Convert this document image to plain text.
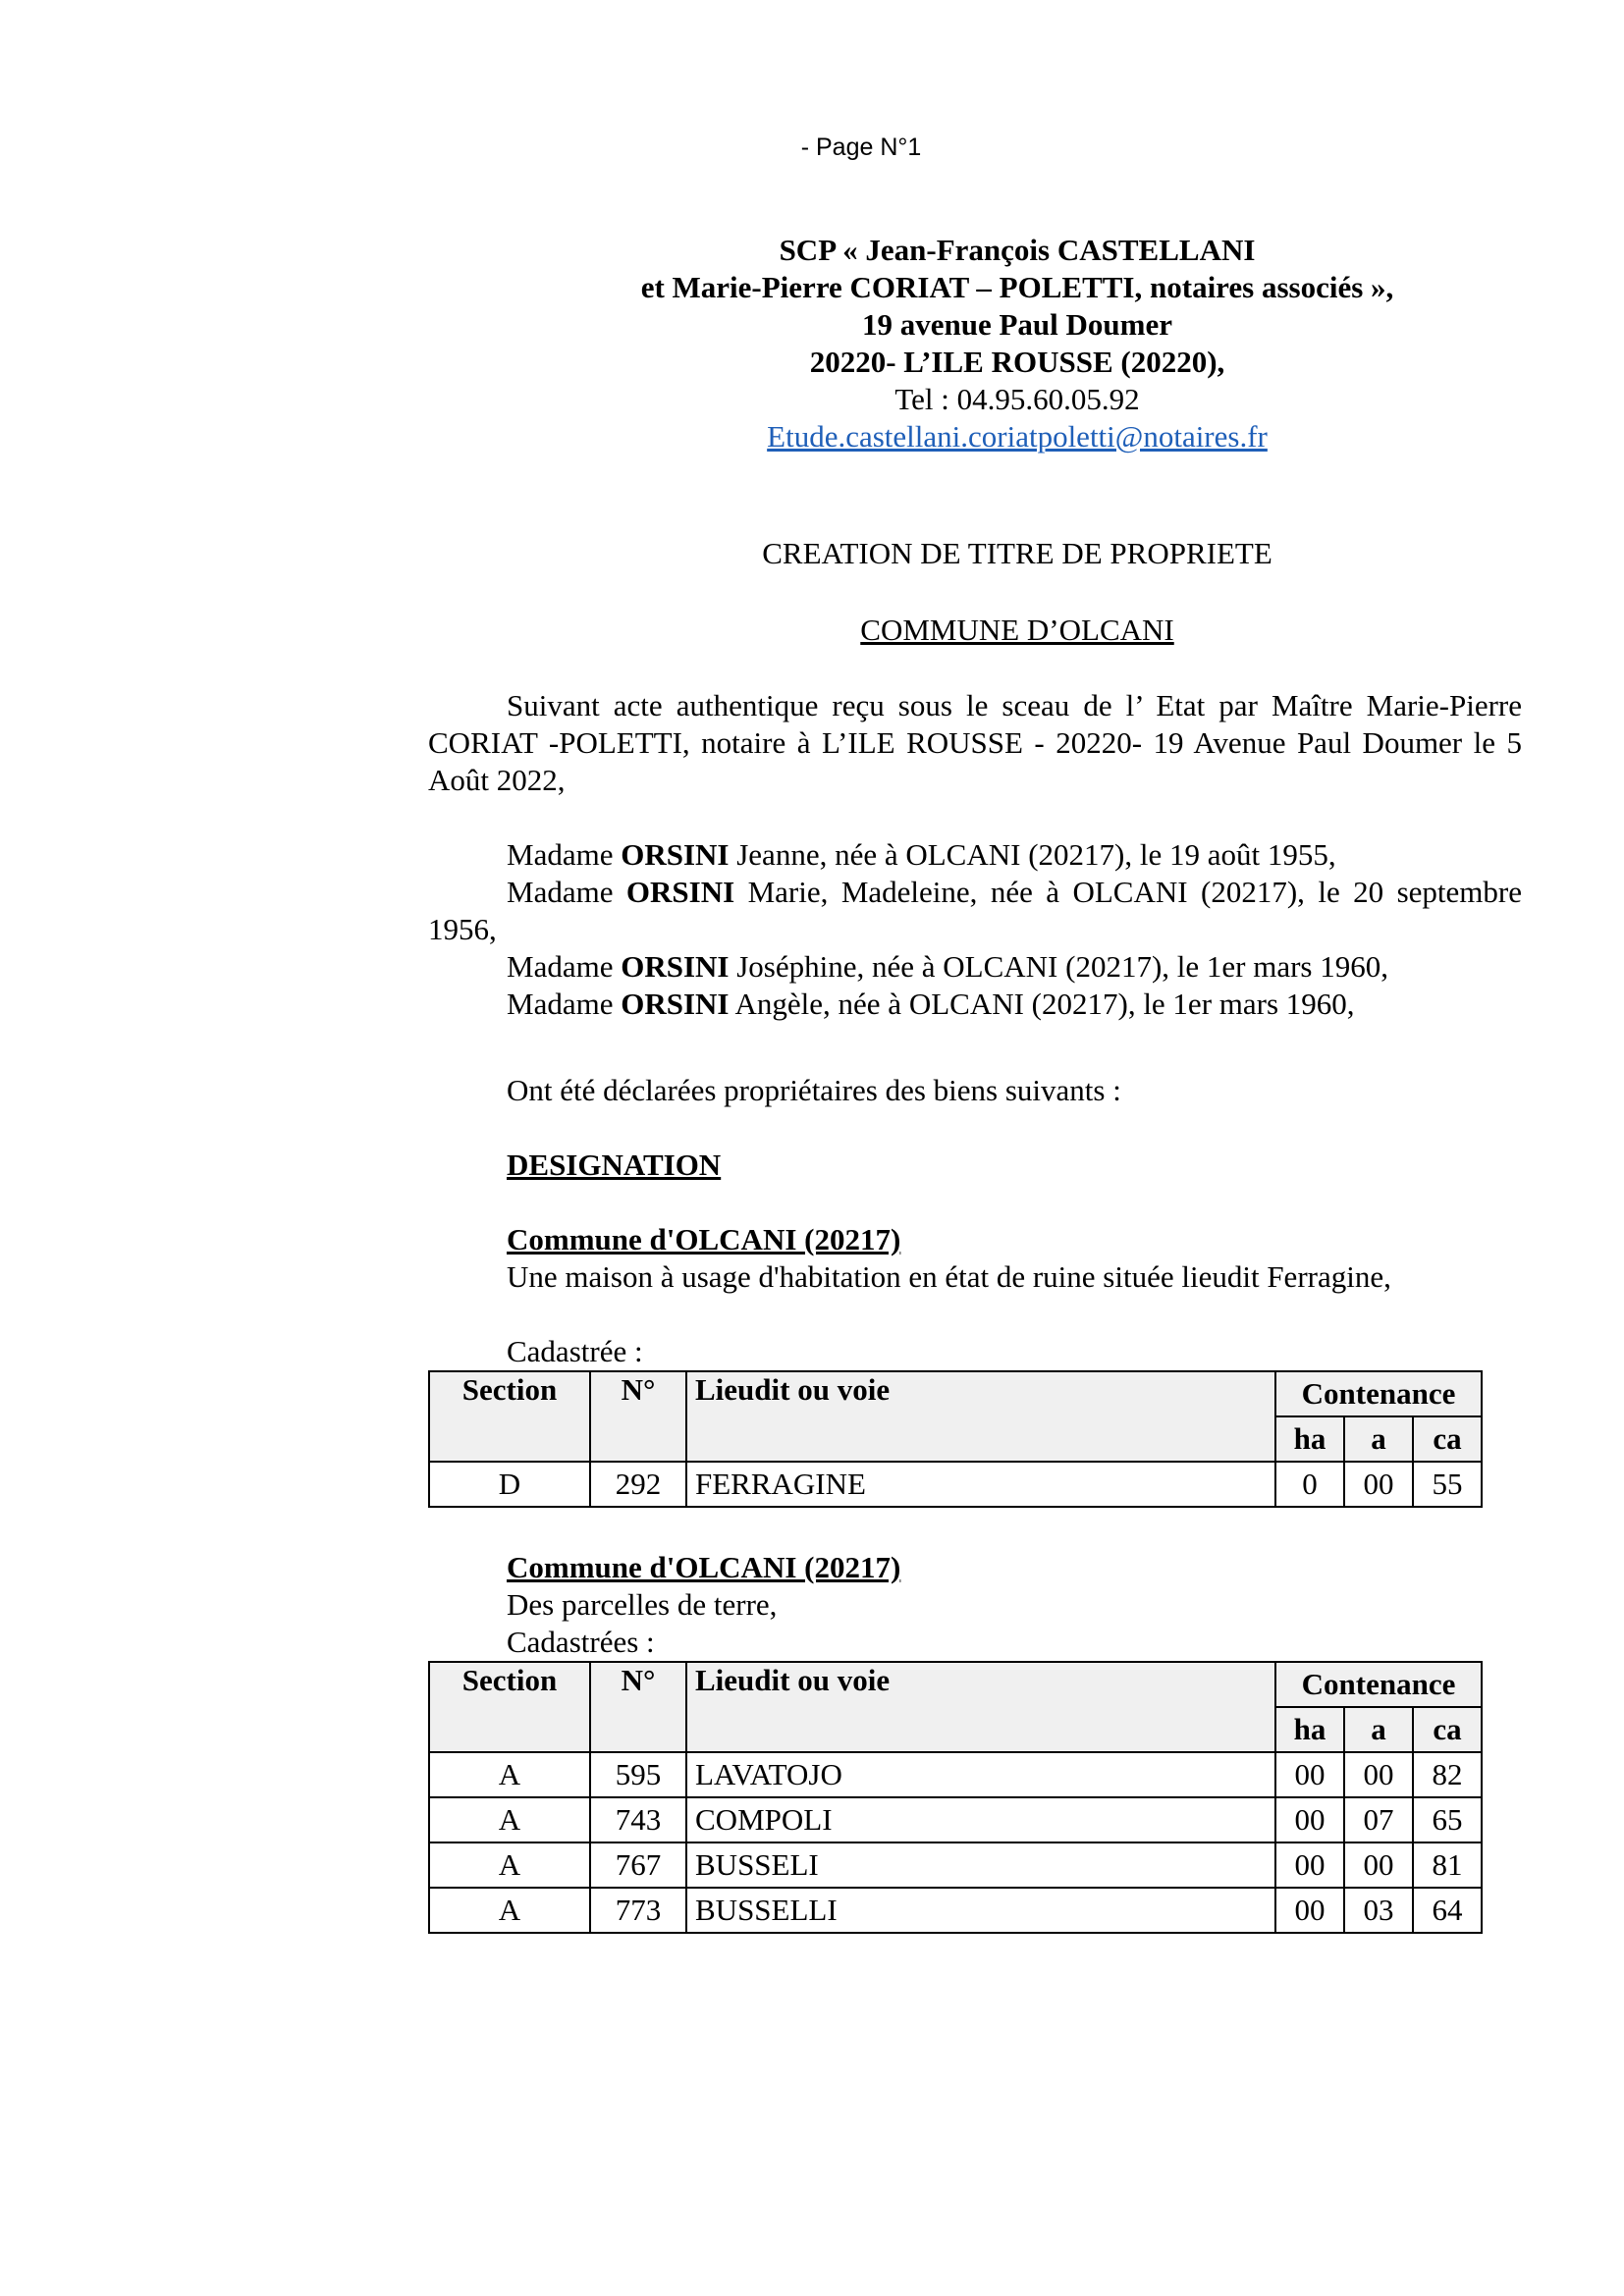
- Page N°1
SCP « Jean-François CASTELLANI
et Marie-Pierre CORIAT – POLETTI, notaires associés »,
19 avenue Paul Doumer
20220- L’ILE ROUSSE (20220),
Tel : 04.95.60.05.92
Etude.castellani.coriatpoletti@notaires.fr
CREATION DE TITRE DE PROPRIETE
COMMUNE D’OLCANI
Suivant acte authentique reçu sous le sceau de l’ Etat par Maître Marie-Pierre CORIAT -POLETTI, notaire à L’ILE ROUSSE - 20220- 19 Avenue Paul Doumer le 5 Août 2022,
Madame ORSINI Jeanne, née à OLCANI (20217), le 19 août 1955,
Madame ORSINI Marie, Madeleine, née à OLCANI (20217), le 20 septembre 1956,
Madame ORSINI Joséphine, née à OLCANI (20217), le 1er mars 1960,
Madame ORSINI Angèle, née à OLCANI (20217), le 1er mars 1960,
Ont été déclarées propriétaires des biens suivants :
DESIGNATION
Commune d'OLCANI (20217)
Une maison à usage d'habitation en état de ruine située lieudit Ferragine,
Cadastrée :
Section	N°	Lieudit ou voie	Contenance		
			ha	a	ca
D	292	FERRAGINE	0	00	55
Commune d'OLCANI (20217)
Des parcelles de terre,
Cadastrées :
Section	N°	Lieudit ou voie	Contenance		
			ha	a	ca
A	595	LAVATOJO	00	00	82
A	743	COMPOLI	00	07	65
A	767	BUSSELI	00	00	81
A	773	BUSSELLI	00	03	64
